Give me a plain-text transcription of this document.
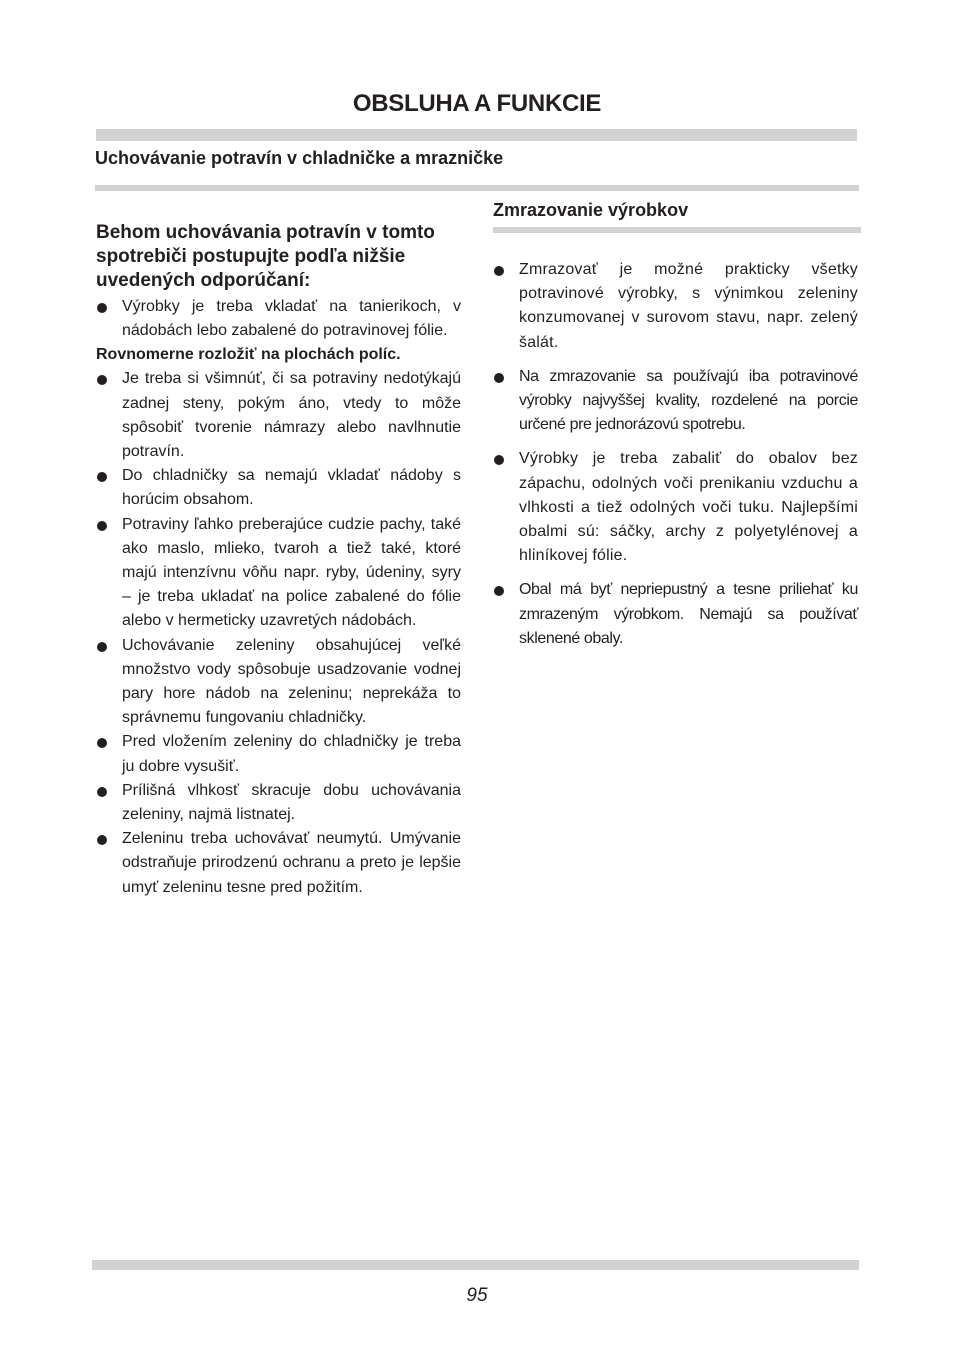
OBSLUHA A FUNKCIE
Uchovávanie potravín v chladničke a mrazničke

Behom uchovávania potravín v tomto spotrebiči postupujte podľa nižšie uvedených odporúčaní:

Výrobky je treba vkladať na tanierikoch, v nádobách lebo zabalené do potravinovej fólie.

Rovnomerne rozložiť na plochách políc.

Je treba si všimnúť, či sa potraviny nedotýkajú zadnej steny, pokým áno, vtedy to môže spôsobiť tvorenie námrazy alebo navlhnutie potravín.
Do chladničky sa nemajú vkladať nádoby s horúcim obsahom.
Potraviny ľahko preberajúce cudzie pachy, také ako maslo, mlieko, tvaroh a tiež také, ktoré majú intenzívnu vôňu napr. ryby, údeniny, syry – je treba ukladať na police zabalené do fólie alebo v hermeticky uzavretých nádobách.
Uchovávanie zeleniny obsahujúcej veľké množstvo vody spôsobuje usadzovanie vodnej pary hore nádob na zeleninu; neprekáža to správnemu fungovaniu chladničky.
Pred vložením zeleniny do chladničky je treba ju dobre vysušiť.
Prílišná vlhkosť skracuje dobu uchovávania zeleniny, najmä listnatej.
Zeleninu treba uchovávať neumytú. Umývanie odstraňuje prirodzenú ochranu a preto je lepšie umyť zeleninu tesne pred požitím.

Zmrazovanie výrobkov

Zmrazovať je možné prakticky všetky potravinové výrobky, s výnimkou zeleniny konzumovanej v surovom stavu, napr. zelený šalát.
Na zmrazovanie sa používajú iba potravinové výrobky najvyššej kvality, rozdelené na porcie určené pre jednorázovú spotrebu.
Výrobky je treba zabaliť do obalov bez zápachu, odolných voči prenikaniu vzduchu a vlhkosti a tiež odolných voči tuku. Najlepšími obalmi sú: sáčky, archy z polyetylénovej a hliníkovej fólie.
Obal má byť nepriepustný a tesne priliehať ku zmrazeným výrobkom. Nemajú sa používať sklenené obaly.
95
